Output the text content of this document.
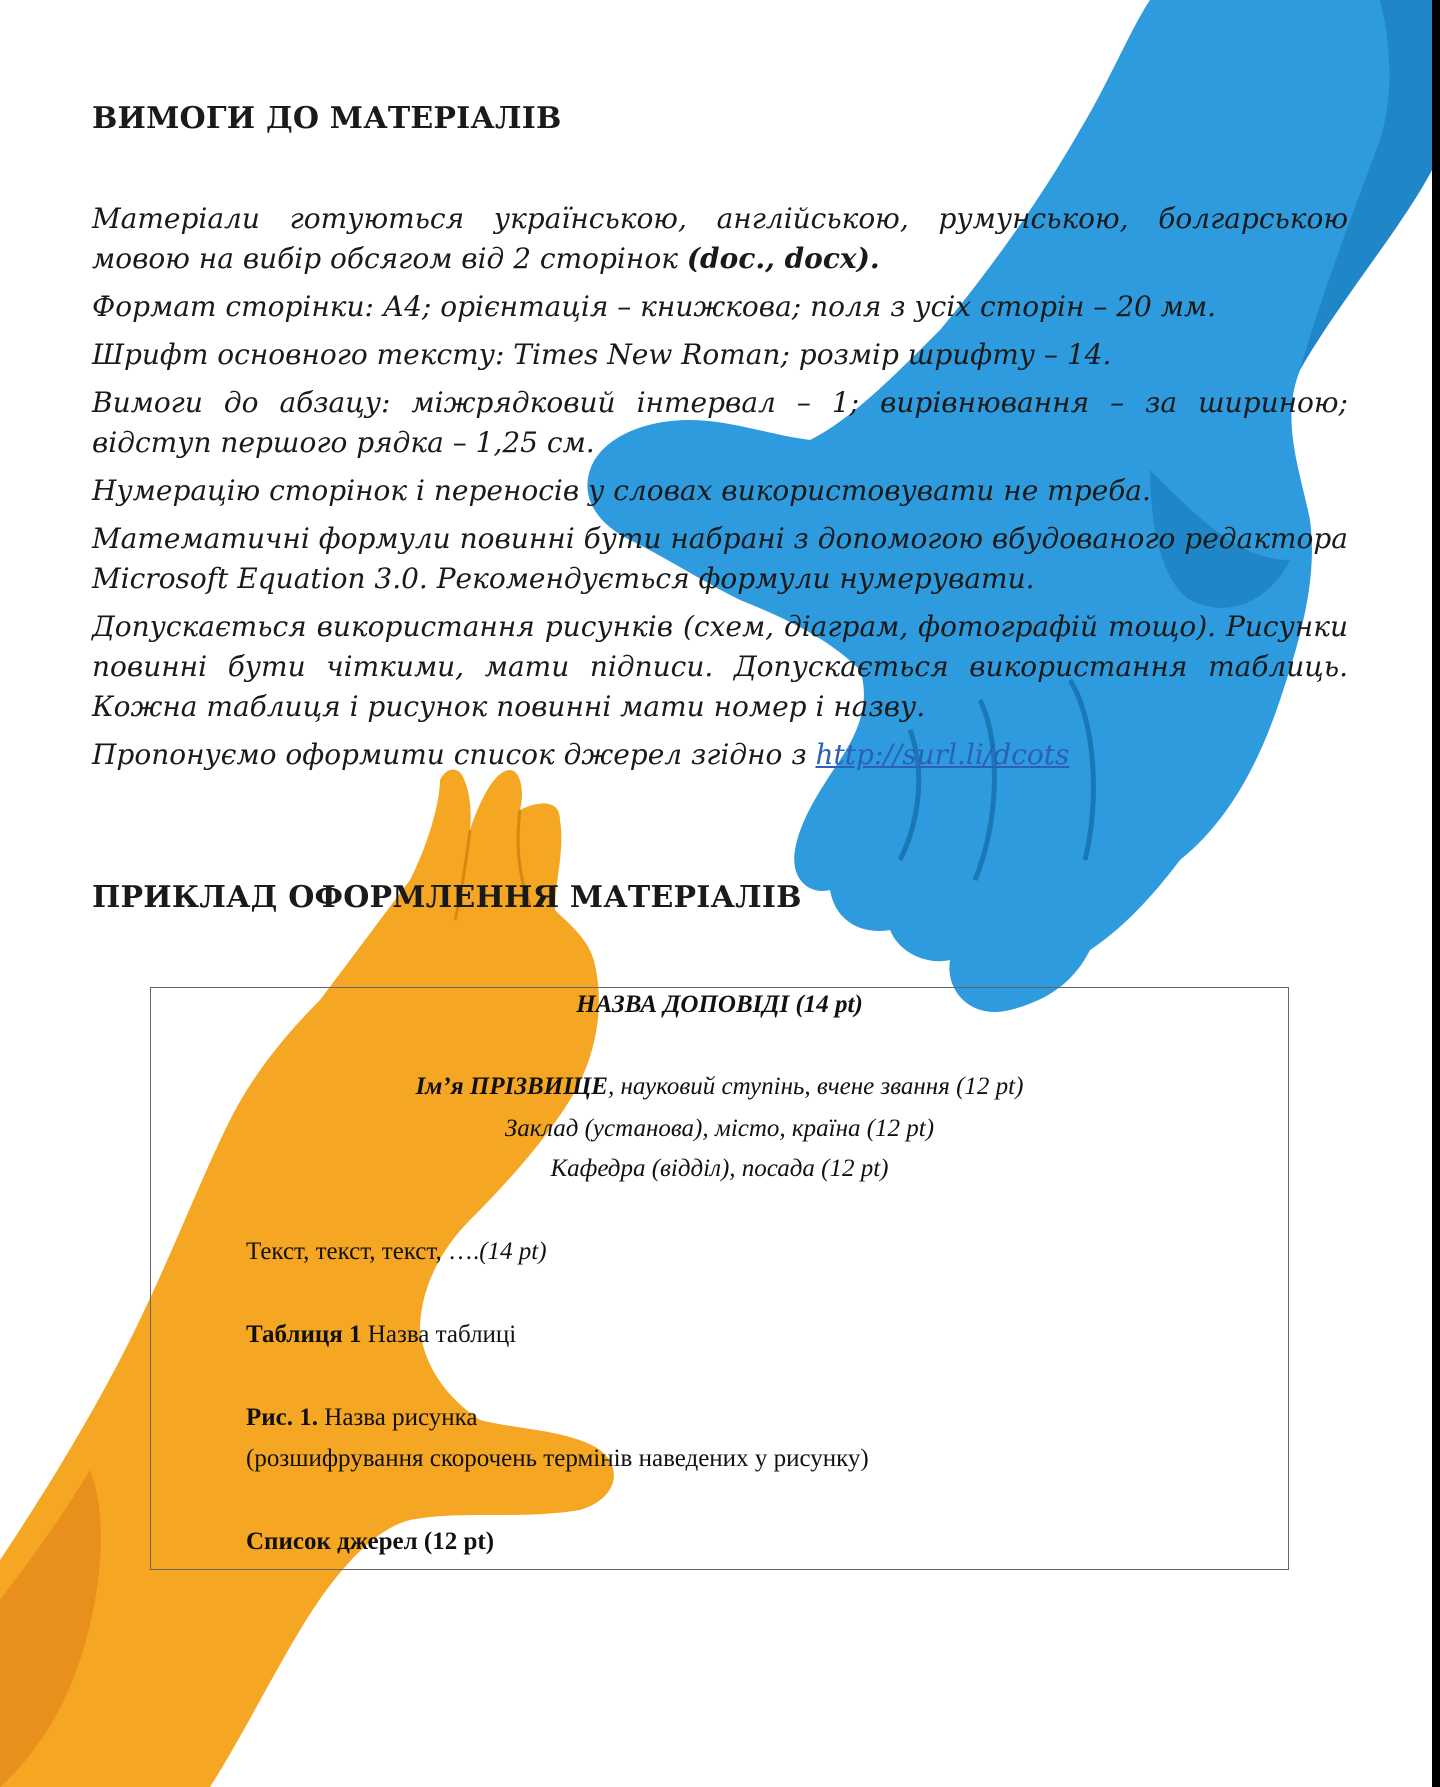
ВИМОГИ ДО МАТЕРІАЛІВ
Матеріали готуються українською, англійською, румунською, болгарською мовою на вибір обсягом від 2 сторінок (doc., docx).
Формат сторінки: А4; орієнтація – книжкова; поля з усіх сторін – 20 мм.
Шрифт основного тексту: Times New Roman; розмір шрифту – 14.
Вимоги до абзацу: міжрядковий інтервал – 1; вирівнювання – за шириною; відступ першого рядка – 1,25 см.
Нумерацію сторінок і переносів у словах використовувати не треба.
Математичні формули повинні бути набрані з допомогою вбудованого редактора Microsoft Equation 3.0. Рекомендується формули нумерувати.
Допускається використання рисунків (схем, діаграм, фотографій тощо). Рисунки повинні бути чіткими, мати підписи. Допускається використання таблиць. Кожна таблиця і рисунок повинні мати номер і назву.
Пропонуємо оформити список джерел згідно з http://surl.li/dcots
ПРИКЛАД ОФОРМЛЕННЯ МАТЕРІАЛІВ
НАЗВА ДОПОВІДІ (14 pt)
Ім’я ПРІЗВИЩЕ, науковий ступінь, вчене звання (12 pt)
Заклад (установа), місто, країна (12 pt)
Кафедра (відділ), посада (12 pt)
Текст, текст, текст, ….(14 pt)
Таблиця 1 Назва таблиці
Рис. 1. Назва рисунка
(розшифрування скорочень термінів наведених у рисунку)
Список джерел (12 pt)
